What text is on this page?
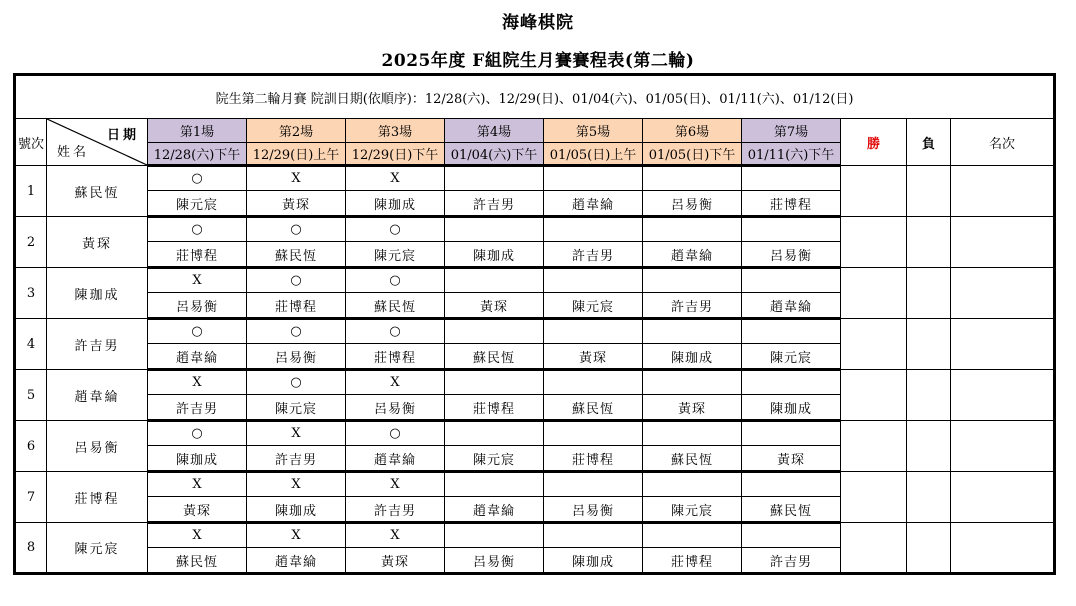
海峰棋院
2025年度 F組院生月賽賽程表(第二輪)
院生第二輪月賽 院訓日期(依順序)：12/28(六)、12/29(日)、01/04(六)、01/05(日)、01/11(六)、01/12(日)											
號次	日期
姓名	第1場	第2場	第3場	第4場	第5場	第6場	第7場	勝	負	名次
		12/28(六)下午	12/29(日)上午	12/29(日)下午	01/04(六)下午	01/05(日)上午	01/05(日)下午	01/11(六)下午			
1	蘇民恆	○	X	X							
		陳元宸	黃琛	陳珈成	許吉男	趙韋綸	呂易衡	莊博程			
2	黃琛	○	○	○							
		莊博程	蘇民恆	陳元宸	陳珈成	許吉男	趙韋綸	呂易衡			
3	陳珈成	X	○	○							
		呂易衡	莊博程	蘇民恆	黃琛	陳元宸	許吉男	趙韋綸			
4	許吉男	○	○	○							
		趙韋綸	呂易衡	莊博程	蘇民恆	黃琛	陳珈成	陳元宸			
5	趙韋綸	X	○	X							
		許吉男	陳元宸	呂易衡	莊博程	蘇民恆	黃琛	陳珈成			
6	呂易衡	○	X	○							
		陳珈成	許吉男	趙韋綸	陳元宸	莊博程	蘇民恆	黃琛			
7	莊博程	X	X	X							
		黃琛	陳珈成	許吉男	趙韋綸	呂易衡	陳元宸	蘇民恆			
8	陳元宸	X	X	X							
		蘇民恆	趙韋綸	黃琛	呂易衡	陳珈成	莊博程	許吉男			
